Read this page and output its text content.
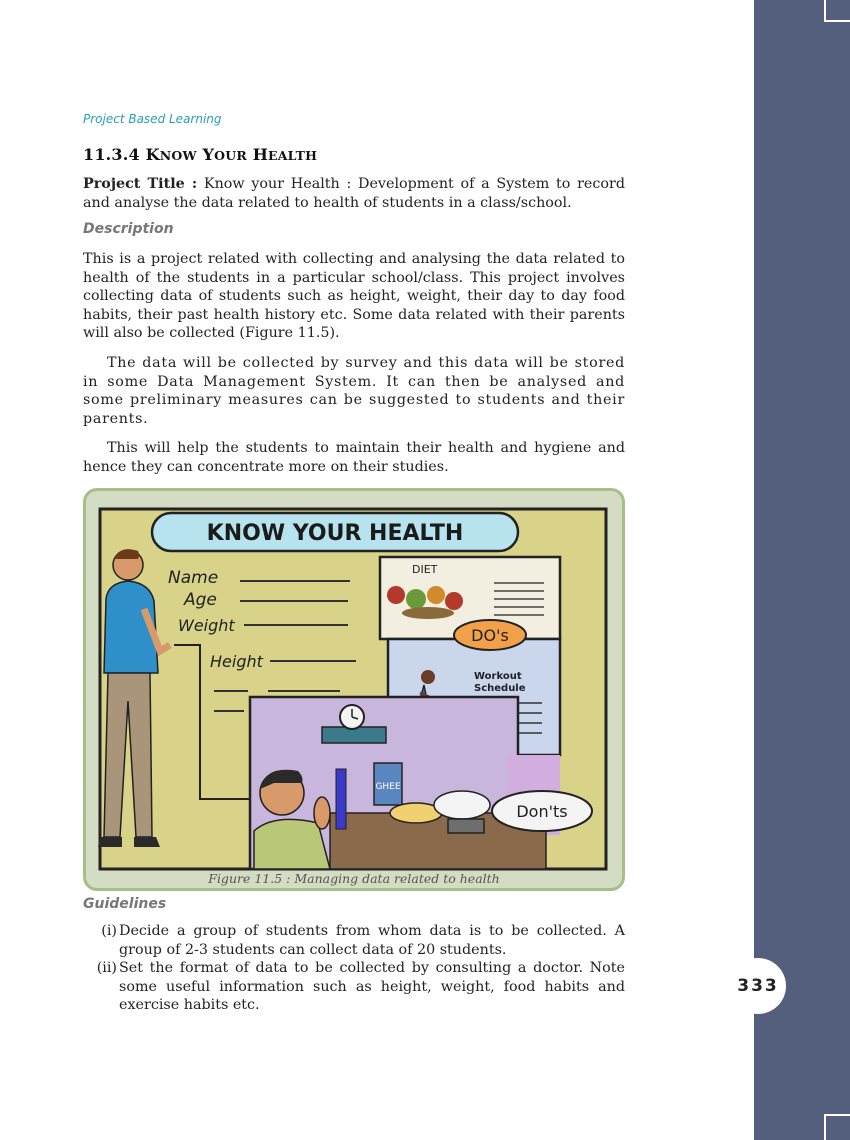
333
Project Based Learning
11.3.4 KNOW YOUR HEALTH

Project Title : Know your Health : Development of a System to record and analyse the data related to health of students in a class/school.

Description

This is a project related with collecting and analysing the data related to health of the students in a particular school/class. This project involves collecting data of students such as height, weight, their day to day food habits, their past health history etc. Some data related with their parents will also be collected (Figure 11.5).

The data will be collected by survey and this data will be stored in some Data Management System. It can then be analysed and some preliminary measures can be suggested to students and their parents.

This will help the students to maintain their health and hygiene and hence they can concentrate more on their studies.

KNOW YOUR HEALTH
Name
Age
Weight
Height
DIET
DO's
Workout
Schedule
GHEE
Don'ts
Figure 11.5 : Managing data related to health
Guidelines
(i) Decide a group of students from whom data is to be collected. A group of 2-3 students can collect data of 20 students.
(ii) Set the format of data to be collected by consulting a doctor. Note some useful information such as height, weight, food habits and exercise habits etc.
